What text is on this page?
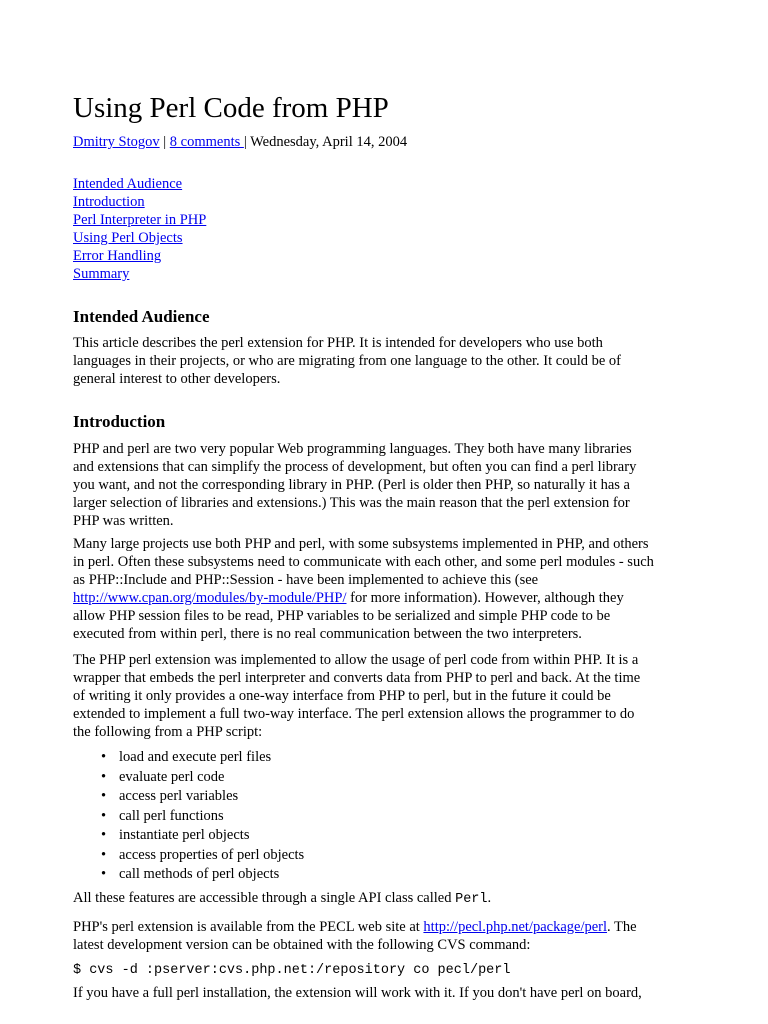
Using Perl Code from PHP
Dmitry Stogov | 8 comments | Wednesday, April 14, 2004
Intended Audience
Introduction
Perl Interpreter in PHP
Using Perl Objects
Error Handling
Summary
Intended Audience
This article describes the perl extension for PHP. It is intended for developers who use both
languages in their projects, or who are migrating from one language to the other. It could be of
general interest to other developers.
Introduction
PHP and perl are two very popular Web programming languages. They both have many libraries
and extensions that can simplify the process of development, but often you can find a perl library
you want, and not the corresponding library in PHP. (Perl is older then PHP, so naturally it has a
larger selection of libraries and extensions.) This was the main reason that the perl extension for
PHP was written.
Many large projects use both PHP and perl, with some subsystems implemented in PHP, and others
in perl. Often these subsystems need to communicate with each other, and some perl modules - such
as PHP::Include and PHP::Session - have been implemented to achieve this (see
http://www.cpan.org/modules/by-module/PHP/ for more information). However, although they
allow PHP session files to be read, PHP variables to be serialized and simple PHP code to be
executed from within perl, there is no real communication between the two interpreters.
The PHP perl extension was implemented to allow the usage of perl code from within PHP. It is a
wrapper that embeds the perl interpreter and converts data from PHP to perl and back. At the time
of writing it only provides a one-way interface from PHP to perl, but in the future it could be
extended to implement a full two-way interface. The perl extension allows the programmer to do
the following from a PHP script:
• load and execute perl files
• evaluate perl code
• access perl variables
• call perl functions
• instantiate perl objects
• access properties of perl objects
• call methods of perl objects
All these features are accessible through a single API class called Perl.
PHP's perl extension is available from the PECL web site at http://pecl.php.net/package/perl. The
latest development version can be obtained with the following CVS command:
$ cvs -d :pserver:cvs.php.net:/repository co pecl/perl
If you have a full perl installation, the extension will work with it. If you don't have perl on board,
